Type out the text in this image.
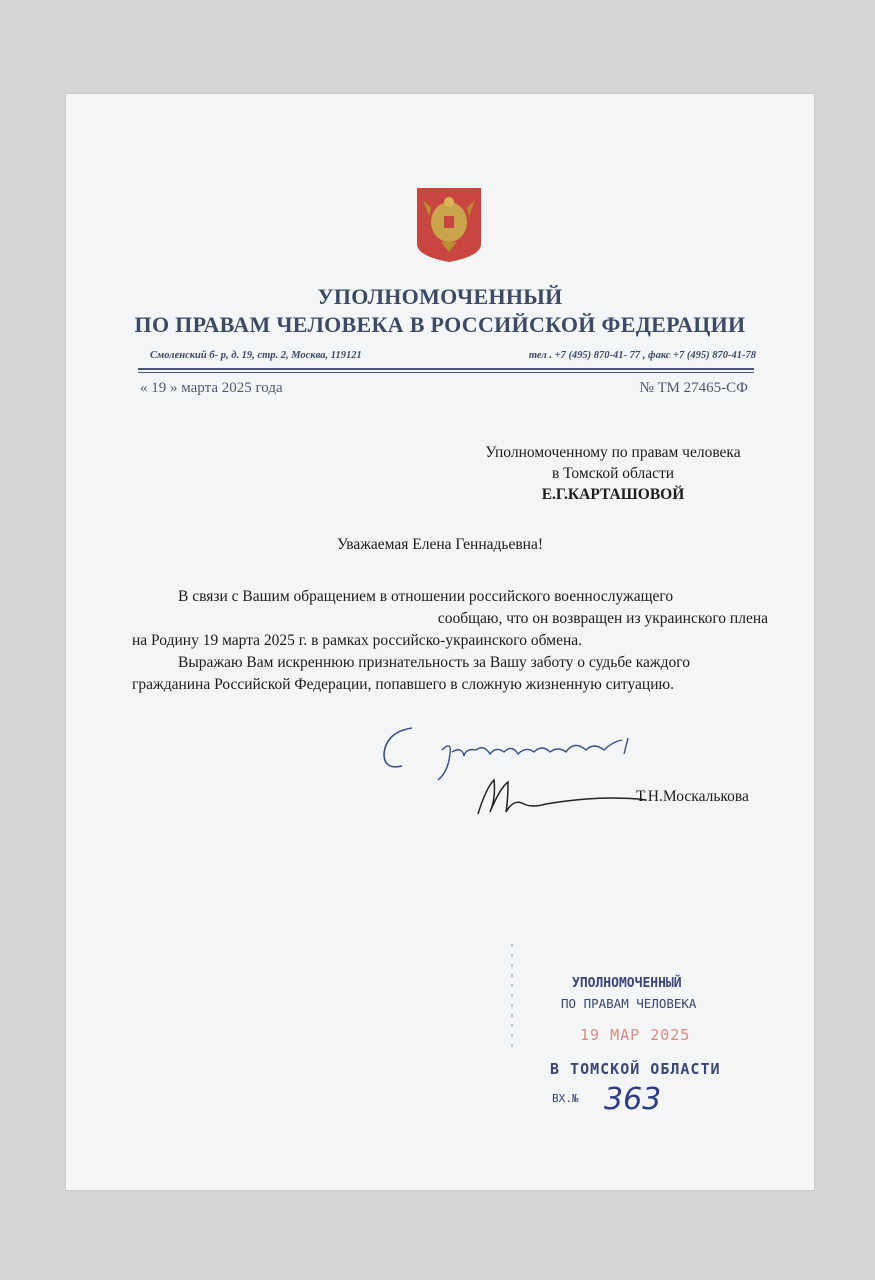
УПОЛНОМОЧЕННЫЙ
ПО ПРАВАМ ЧЕЛОВЕКА В РОССИЙСКОЙ ФЕДЕРАЦИИ
Смоленский б- р, д. 19, стр. 2, Москва, 119121	тел . +7 (495) 870-41- 77 , факс +7 (495) 870-41-78
« 19 » марта 2025 года	№ ТМ 27465-СФ
Уполномоченному по правам человека
в Томской области
Е.Г.КАРТАШОВОЙ
Уважаемая Елена Геннадьевна!

В связи с Вашим обращением в отношении российского военнослужащего

сообщаю, что он возвращен из украинского плена

на Родину 19 марта 2025 г. в рамках российско-украинского обмена.

Выражаю Вам искреннюю признательность за Вашу заботу о судьбе каждого

гражданина Российской Федерации, попавшего в сложную жизненную ситуацию.

Т.Н.Москалькова
УПОЛНОМОЧЕННЫЙ
ПО ПРАВАМ ЧЕЛОВЕКА
19 МАР 2025
В ТОМСКОЙ ОБЛАСТИ
ВХ.№ 363
